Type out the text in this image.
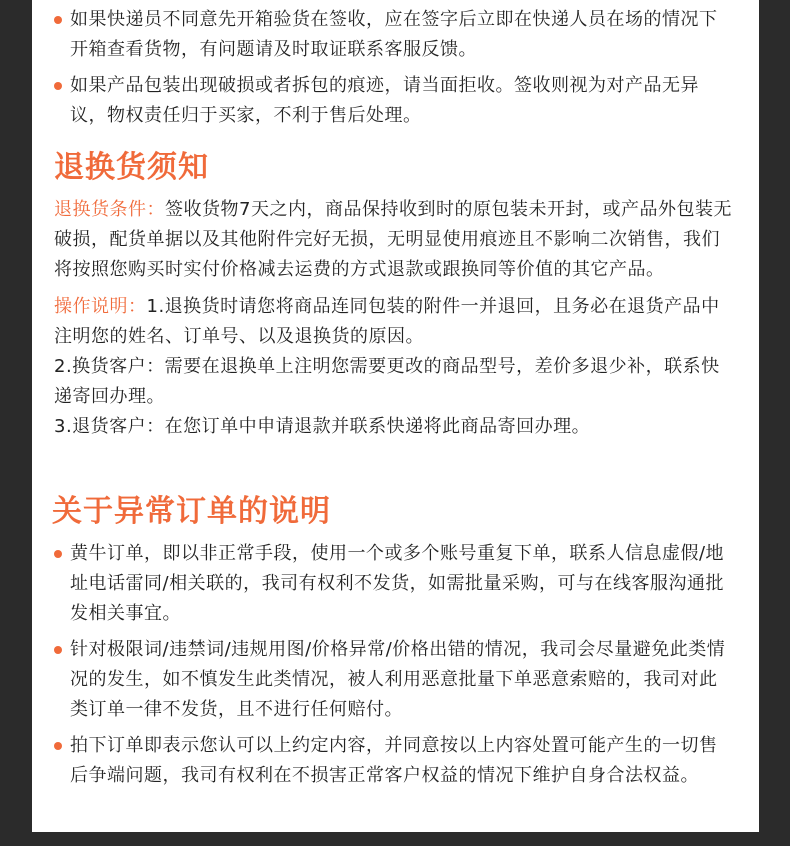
如果快递员不同意先开箱验货在签收，应在签字后立即在快递人员在场的情况下开箱查看货物，有问题请及时取证联系客服反馈。
如果产品包装出现破损或者拆包的痕迹，请当面拒收。签收则视为对产品无异议，物权责任归于买家，不利于售后处理。
退换货须知

退换货条件：签收货物7天之内，商品保持收到时的原包装未开封，或产品外包装无破损，配货单据以及其他附件完好无损，无明显使用痕迹且不影响二次销售，我们将按照您购买时实付价格减去运费的方式退款或跟换同等价值的其它产品。

操作说明：1.退换货时请您将商品连同包装的附件一并退回，且务必在退货产品中注明您的姓名、订单号、以及退换货的原因。

2.换货客户：需要在退换单上注明您需要更改的商品型号，差价多退少补，联系快递寄回办理。

3.退货客户：在您订单中申请退款并联系快递将此商品寄回办理。

关于异常订单的说明
黄牛订单，即以非正常手段，使用一个或多个账号重复下单，联系人信息虚假/地址电话雷同/相关联的，我司有权利不发货，如需批量采购，可与在线客服沟通批发相关事宜。
针对极限词/违禁词/违规用图/价格异常/价格出错的情况，我司会尽量避免此类情况的发生，如不慎发生此类情况，被人利用恶意批量下单恶意索赔的，我司对此类订单一律不发货，且不进行任何赔付。
拍下订单即表示您认可以上约定内容，并同意按以上内容处置可能产生的一切售后争端问题，我司有权利在不损害正常客户权益的情况下维护自身合法权益。
